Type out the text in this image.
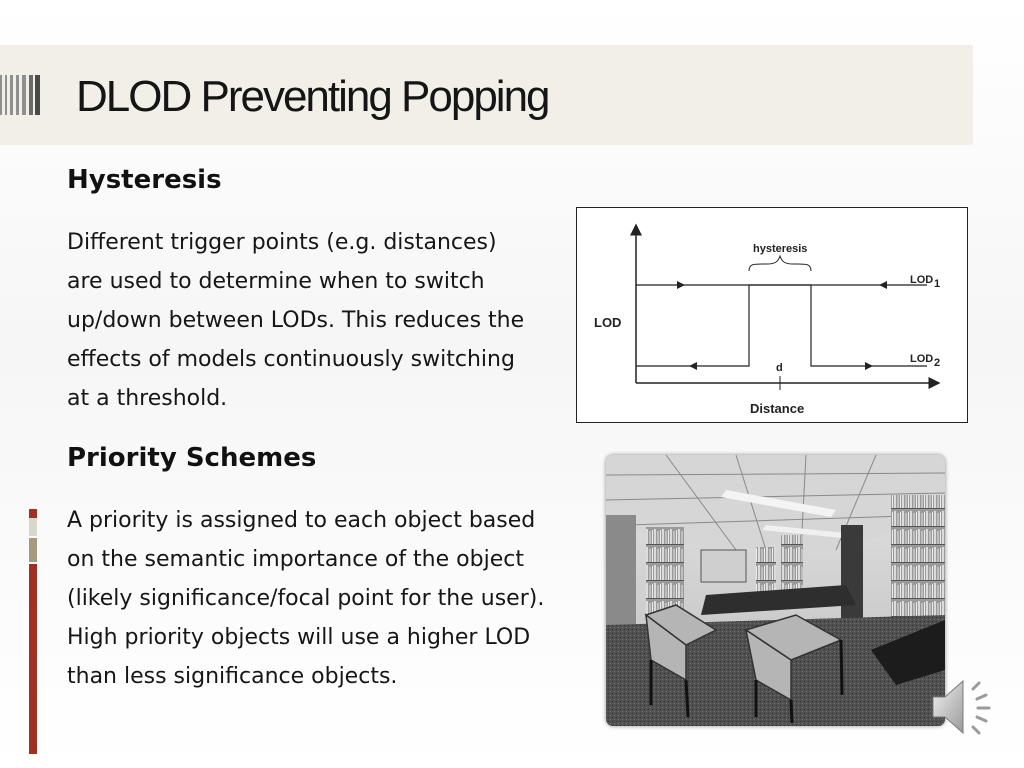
DLOD Preventing Popping
Hysteresis

Different trigger points (e.g. distances) are used to determine when to switch up/down between LODs. This reduces the effects of models continuously switching at a threshold.

Priority Schemes

A priority is assigned to each object based on the semantic importance of the object (likely significance/focal point for the user). High priority objects will use a higher LOD than less significance objects.

hysteresis
LOD
Distance
d
LOD 1
LOD 2
